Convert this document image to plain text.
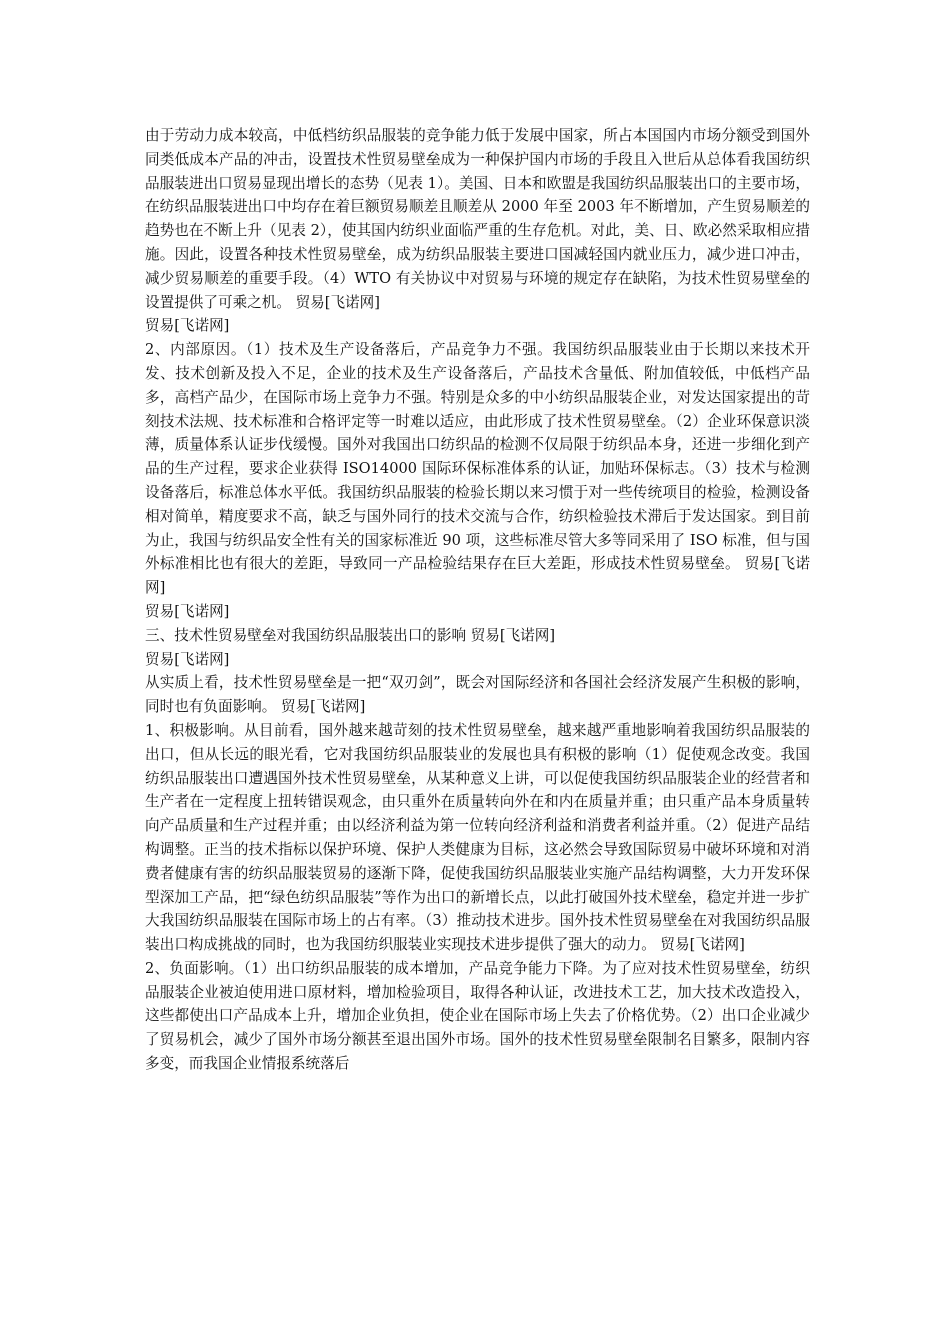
由于劳动力成本较高，中低档纺织品服装的竞争能力低于发展中国家，所占本国国内市场分额受到国外同类低成本产品的冲击，设置技术性贸易壁垒成为一种保护国内市场的手段且入世后从总体看我国纺织品服装进出口贸易显现出增长的态势（见表 1）。美国、日本和欧盟是我国纺织品服装出口的主要市场，在纺织品服装进出口中均存在着巨额贸易顺差且顺差从 2000 年至 2003 年不断增加，产生贸易顺差的趋势也在不断上升（见表 2），使其国内纺织业面临严重的生存危机。对此，美、日、欧必然采取相应措施。因此，设置各种技术性贸易壁垒，成为纺织品服装主要进口国减轻国内就业压力，减少进口冲击，减少贸易顺差的重要手段。（4）WTO 有关协议中对贸易与环境的规定存在缺陷，为技术性贸易壁垒的设置提供了可乘之机。 贸易[飞诺网]

贸易[飞诺网]

2、内部原因。（1）技术及生产设备落后，产品竞争力不强。我国纺织品服装业由于长期以来技术开发、技术创新及投入不足，企业的技术及生产设备落后，产品技术含量低、附加值较低，中低档产品多，高档产品少，在国际市场上竞争力不强。特别是众多的中小纺织品服装企业，对发达国家提出的苛刻技术法规、技术标准和合格评定等一时难以适应，由此形成了技术性贸易壁垒。（2）企业环保意识淡薄，质量体系认证步伐缓慢。国外对我国出口纺织品的检测不仅局限于纺织品本身，还进一步细化到产品的生产过程，要求企业获得 ISO14000 国际环保标准体系的认证，加贴环保标志。（3）技术与检测设备落后，标准总体水平低。我国纺织品服装的检验长期以来习惯于对一些传统项目的检验，检测设备相对简单，精度要求不高，缺乏与国外同行的技术交流与合作，纺织检验技术滞后于发达国家。到目前为止，我国与纺织品安全性有关的国家标准近 90 项，这些标准尽管大多等同采用了 ISO 标准，但与国外标准相比也有很大的差距，导致同一产品检验结果存在巨大差距，形成技术性贸易壁垒。 贸易[飞诺网]

贸易[飞诺网]

三、技术性贸易壁垒对我国纺织品服装出口的影响 贸易[飞诺网]

贸易[飞诺网]

从实质上看，技术性贸易壁垒是一把“双刃剑”，既会对国际经济和各国社会经济发展产生积极的影响，同时也有负面影响。 贸易[飞诺网]

1、积极影响。从目前看，国外越来越苛刻的技术性贸易壁垒，越来越严重地影响着我国纺织品服装的出口，但从长远的眼光看，它对我国纺织品服装业的发展也具有积极的影响（1）促使观念改变。我国纺织品服装出口遭遇国外技术性贸易壁垒，从某种意义上讲，可以促使我国纺织品服装企业的经营者和生产者在一定程度上扭转错误观念，由只重外在质量转向外在和内在质量并重；由只重产品本身质量转向产品质量和生产过程并重；由以经济利益为第一位转向经济利益和消费者利益并重。（2）促进产品结构调整。正当的技术指标以保护环境、保护人类健康为目标，这必然会导致国际贸易中破坏环境和对消费者健康有害的纺织品服装贸易的逐渐下降，促使我国纺织品服装业实施产品结构调整，大力开发环保型深加工产品，把“绿色纺织品服装”等作为出口的新增长点，以此打破国外技术壁垒，稳定并进一步扩大我国纺织品服装在国际市场上的占有率。（3）推动技术进步。国外技术性贸易壁垒在对我国纺织品服装出口构成挑战的同时，也为我国纺织服装业实现技术进步提供了强大的动力。 贸易[飞诺网]

2、负面影响。（1）出口纺织品服装的成本增加，产品竞争能力下降。为了应对技术性贸易壁垒，纺织品服装企业被迫使用进口原材料，增加检验项目，取得各种认证，改进技术工艺，加大技术改造投入，这些都使出口产品成本上升，增加企业负担，使企业在国际市场上失去了价格优势。（2）出口企业减少了贸易机会，减少了国外市场分额甚至退出国外市场。国外的技术性贸易壁垒限制名目繁多，限制内容多变，而我国企业情报系统落后
